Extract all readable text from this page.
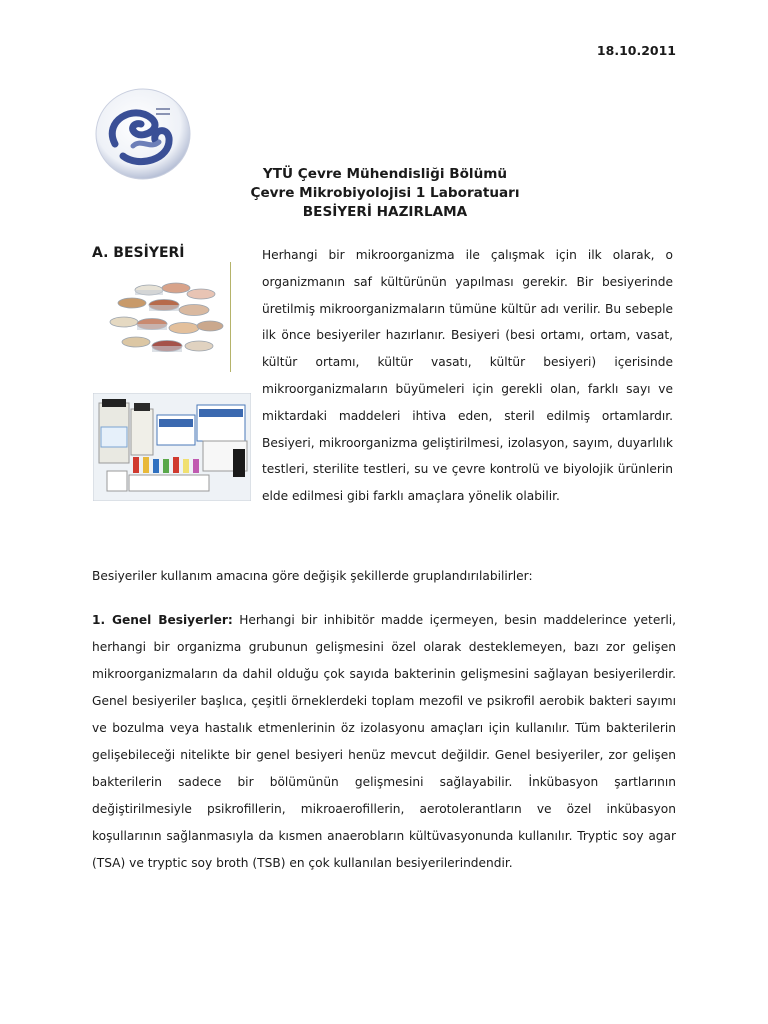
18.10.2011
YTÜ Çevre Mühendisliği Bölümü
Çevre Mikrobiyolojisi 1 Laboratuarı
BESİYERİ HAZIRLAMA
A. BESİYERİ	Herhangi bir mikroorganizma ile çalışmak için ilk olarak, o organizmanın saf kültürünün yapılması gerekir. Bir besiyerinde üretilmiş mikroorganizmaların tümüne kültür adı verilir. Bu sebeple ilk önce besiyeriler hazırlanır. Besiyeri (besi ortamı, ortam, vasat, kültür ortamı, kültür vasatı, kültür besiyeri) içerisinde mikroorganizmaların büyümeleri için gerekli olan, farklı sayı ve miktardaki maddeleri ihtiva eden, steril edilmiş ortamlardır. Besiyeri, mikroorganizma geliştirilmesi, izolasyon, sayım, duyarlılık testleri, sterilite testleri, su ve çevre kontrolü ve biyolojik ürünlerin elde edilmesi gibi farklı amaçlara yönelik olabilir.
Besiyeriler kullanım amacına göre değişik şekillerde gruplandırılabilirler:
1. Genel Besiyerler: Herhangi bir inhibitör madde içermeyen, besin maddelerince yeterli, herhangi bir organizma grubunun gelişmesini özel olarak desteklemeyen, bazı zor gelişen mikroorganizmaların da dahil olduğu çok sayıda bakterinin gelişmesini sağlayan besiyerilerdir. Genel besiyeriler başlıca, çeşitli örneklerdeki toplam mezofil ve psikrofil aerobik bakteri sayımı ve bozulma veya hastalık etmenlerinin öz izolasyonu amaçları için kullanılır. Tüm bakterilerin gelişebileceği nitelikte bir genel besiyeri henüz mevcut değildir. Genel besiyeriler, zor gelişen bakterilerin sadece bir bölümünün gelişmesini sağlayabilir. İnkübasyon şartlarının değiştirilmesiyle psikrofillerin, mikroaerofillerin, aerotolerantların ve özel inkübasyon koşullarının sağlanmasıyla da kısmen anaerobların kültüvasyonunda kullanılır. Tryptic soy agar (TSA) ve tryptic soy broth (TSB) en çok kullanılan besiyerilerindendir.
